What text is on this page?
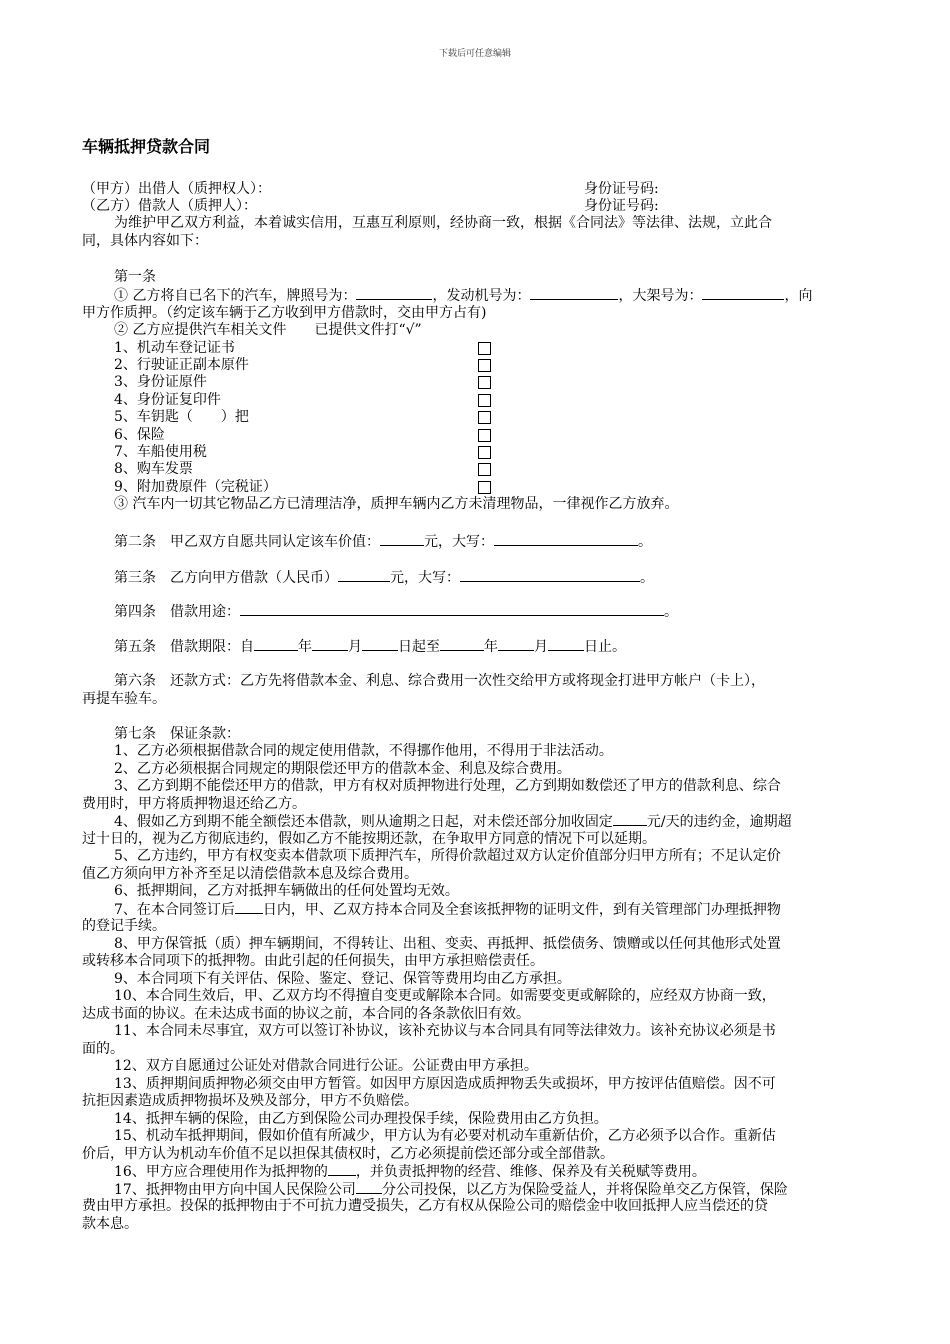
下载后可任意编辑
车辆抵押贷款合同
（甲方）出借人（质押权人）：	身份证号码:
（乙方）借款人（质押人）：	身份证号码:
为维护甲乙双方利益，本着诚实信用，互惠互利原则，经协商一致，根据《合同法》等法律、法规，立此合
同，具体内容如下：
第一条
① 乙方将自已名下的汽车，牌照号为：	，发动机号为：	，大架号为：	，向
甲方作质押。（约定该车辆于乙方收到甲方借款时，交由甲方占有)
② 乙方应提供汽车相关文件　　已提供文件打“√”
1、机动车登记证书
2、行驶证正副本原件
3、身份证原件
4、身份证复印件
5、车钥匙（　　）把
6、保险
7、车船使用税
8、购车发票
9、附加费原件（完税证）
③ 汽车内一切其它物品乙方已清理洁净，质押车辆内乙方未清理物品，一律视作乙方放弃。
第二条　甲乙双方自愿共同认定该车价值：	元，大写：	。
第三条　乙方向甲方借款（人民币）	元，大写：	。
第四条　借款用途：	。
第五条　借款期限：自	年	月	日起至	年	月	日止。
第六条　还款方式：乙方先将借款本金、利息、综合费用一次性交给甲方或将现金打进甲方帐户（卡上），
再提车验车。
第七条　保证条款：
1、乙方必须根据借款合同的规定使用借款，不得挪作他用，不得用于非法活动。
2、乙方必须根据合同规定的期限偿还甲方的借款本金、利息及综合费用。
3、乙方到期不能偿还甲方的借款，甲方有权对质押物进行处理，乙方到期如数偿还了甲方的借款利息、综合
费用时，甲方将质押物退还给乙方。
4、假如乙方到期不能全额偿还本借款，则从逾期之日起，对未偿还部分加收固定 元/天的违约金，逾期超
过十日的，视为乙方彻底违约，假如乙方不能按期还款，在争取甲方同意的情况下可以延期。
5、乙方违约，甲方有权变卖本借款项下质押汽车，所得价款超过双方认定价值部分归甲方所有；不足认定价
值乙方须向甲方补齐至足以清偿借款本息及综合费用。
6、抵押期间，乙方对抵押车辆做出的任何处置均无效。
7、在本合同签订后 日内，甲、乙双方持本合同及全套该抵押物的证明文件，到有关管理部门办理抵押物
的登记手续。
8、甲方保管抵（质）押车辆期间，不得转让、出租、变卖、再抵押、抵偿债务、馈赠或以任何其他形式处置
或转移本合同项下的抵押物。由此引起的任何损失，由甲方承担赔偿责任。
9、本合同项下有关评估、保险、鉴定、登记、保管等费用均由乙方承担。
10、本合同生效后，甲、乙双方均不得擅自变更或解除本合同。如需要变更或解除的，应经双方协商一致，
达成书面的协议。在未达成书面的协议之前，本合同的各条款依旧有效。
11、本合同未尽事宜，双方可以签订补协议，该补充协议与本合同具有同等法律效力。该补充协议必须是书
面的。
12、双方自愿通过公证处对借款合同进行公证。公证费由甲方承担。
13、质押期间质押物必须交由甲方暂管。如因甲方原因造成质押物丢失或损坏，甲方按评估值赔偿。因不可
抗拒因素造成质押物损坏及殃及部分，甲方不负赔偿。
14、抵押车辆的保险，由乙方到保险公司办理投保手续，保险费用由乙方负担。
15、机动车抵押期间，假如价值有所减少，甲方认为有必要对机动车重新估价，乙方必须予以合作。重新估
价后，甲方认为机动车价值不足以担保其债权时，乙方必须提前偿还部分或全部借款。
16、甲方应合理使用作为抵押物的 ，并负责抵押物的经营、维修、保养及有关税赋等费用。
17、抵押物由甲方向中国人民保险公司 分公司投保，以乙方为保险受益人，并将保险单交乙方保管，保险
费由甲方承担。投保的抵押物由于不可抗力遭受损失，乙方有权从保险公司的赔偿金中收回抵押人应当偿还的贷
款本息。
